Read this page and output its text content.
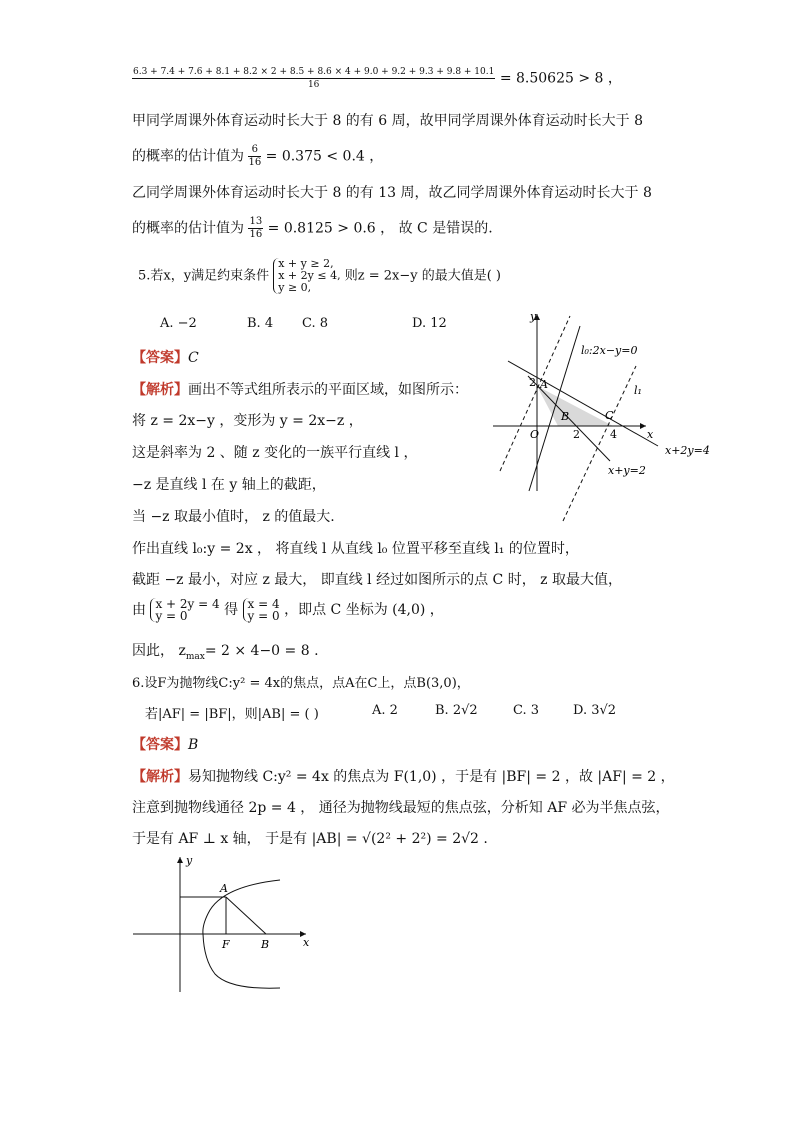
6.3 + 7.4 + 7.6 + 8.1 + 8.2 × 2 + 8.5 + 8.6 × 4 + 9.0 + 9.2 + 9.3 + 9.8 + 10.1
16	= 8.50625 > 8 ，
甲同学周课外体育运动时长大于 8 的有 6 周，故甲同学周课外体育运动时长大于 8
的概率的估计值为 $\frac{6}{16} = 0.375 < 0.4$ ，
乙同学周课外体育运动时长大于 8 的有 13 周，故乙同学周课外体育运动时长大于 8
的概率的估计值为 $\frac{13}{16} = 0.8125 > 0.6$ ， 故 C 是错误的.
5.若x，y满足约束条件
x + y ≥ 2,
x + 2y ≤ 4,
y ≥ 0,
则z = 2x−y 的最大值是( )
A. −2	B. 4 C. 8	D. 12
【答案】C
【解析】画出不等式组所表示的平面区域，如图所示：
将 z = 2x−y ，变形为 y = 2x−z ，
这是斜率为 2 、随 z 变化的一族平行直线 l ，
−z 是直线 l 在 y 轴上的截距，
当 −z 取最小值时， z 的值最大.
作出直线 l₀:y = 2x ， 将直线 l 从直线 l₀ 位置平移至直线 l₁ 的位置时，
截距 −z 最小，对应 z 最大， 即直线 l 经过如图所示的点 C 时， z 取最大值，
由 x + 2y = 4
y = 0	得 x = 4
y = 0 ，即点 C 坐标为 (4,0) ，
因此， $z_{max}= 2 \times 4-0 = 8$ .
y
x
l₀:2x−y=0
l₁
A
B	C
O	2	4
2
x+2y=4
x+y=2
6.设F为抛物线C:y² = 4x的焦点，点A在C上，点B(3,0)，
若|AF| = |BF|，则|AB| = ( )	A. 2	B. 2√2	C. 3	D. 3√2
【答案】B
【解析】易知抛物线 C:y² = 4x 的焦点为 F(1,0) ，于是有 |BF| = 2 ，故 |AF| = 2 ，
注意到抛物线通径 2p = 4 ， 通径为抛物线最短的焦点弦，分析知 AF 必为半焦点弦，
于是有 AF ⊥ x 轴， 于是有 |AB| = √(2² + 2²) = 2√2 .
y
x
A
F	B
